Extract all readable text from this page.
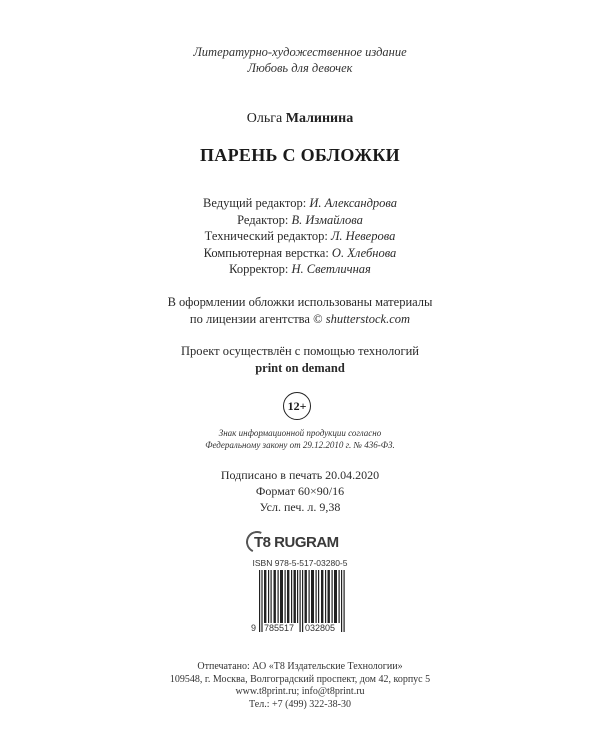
Литературно-художественное издание
Любовь для девочек
Ольга Малинина
ПАРЕНЬ С ОБЛОЖКИ
Ведущий редактор: И. Александрова
Редактор: В. Измайлова
Технический редактор: Л. Неверова
Компьютерная верстка: О. Хлебнова
Корректор: Н. Светличная
В оформлении обложки использованы материалы
по лицензии агентства © shutterstock.com
Проект осуществлён с помощью технологий
print on demand
12+
Знак информационной продукции согласно
Федеральному закону от 29.12.2010 г. № 436-ФЗ.
Подписано в печать 20.04.2020
Формат 60×90/16
Усл. печ. л. 9,38
T8 RUGRAM
ISBN 978-5-517-03280-5
9 785517 032805
Отпечатано: АО «Т8 Издательские Технологии»
109548, г. Москва, Волгоградский проспект, дом 42, корпус 5
www.t8print.ru; info@t8print.ru
Тел.: +7 (499) 322-38-30
